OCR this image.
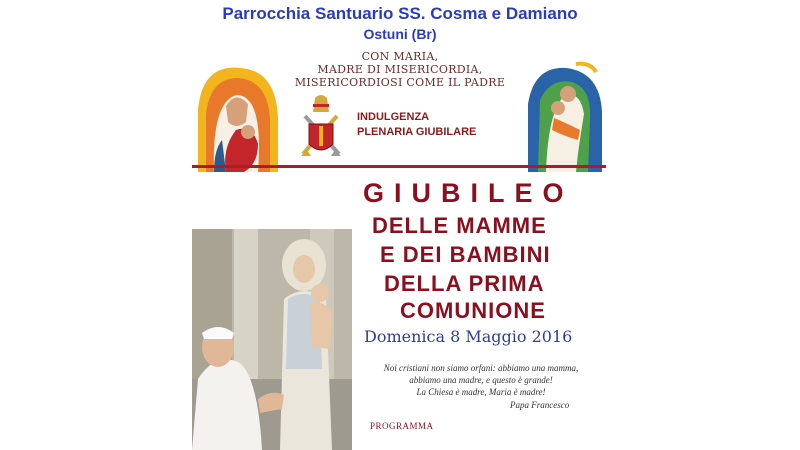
Parrocchia Santuario SS. Cosma e Damiano
Ostuni (Br)
CON MARIA,
MADRE DI MISERICORDIA,
MISERICORDIOSI COME IL PADRE
INDULGENZA
PLENARIA GIUBILARE
GIUBILEO
DELLE MAMME
E DEI BAMBINI
DELLA PRIMA
COMUNIONE
Domenica 8 Maggio 2016
Noi cristiani non siamo orfani: abbiamo una mamma,
abbiamo una madre, e questo è grande!
La Chiesa è madre, Maria è madre!
Papa Francesco
PROGRAMMA
